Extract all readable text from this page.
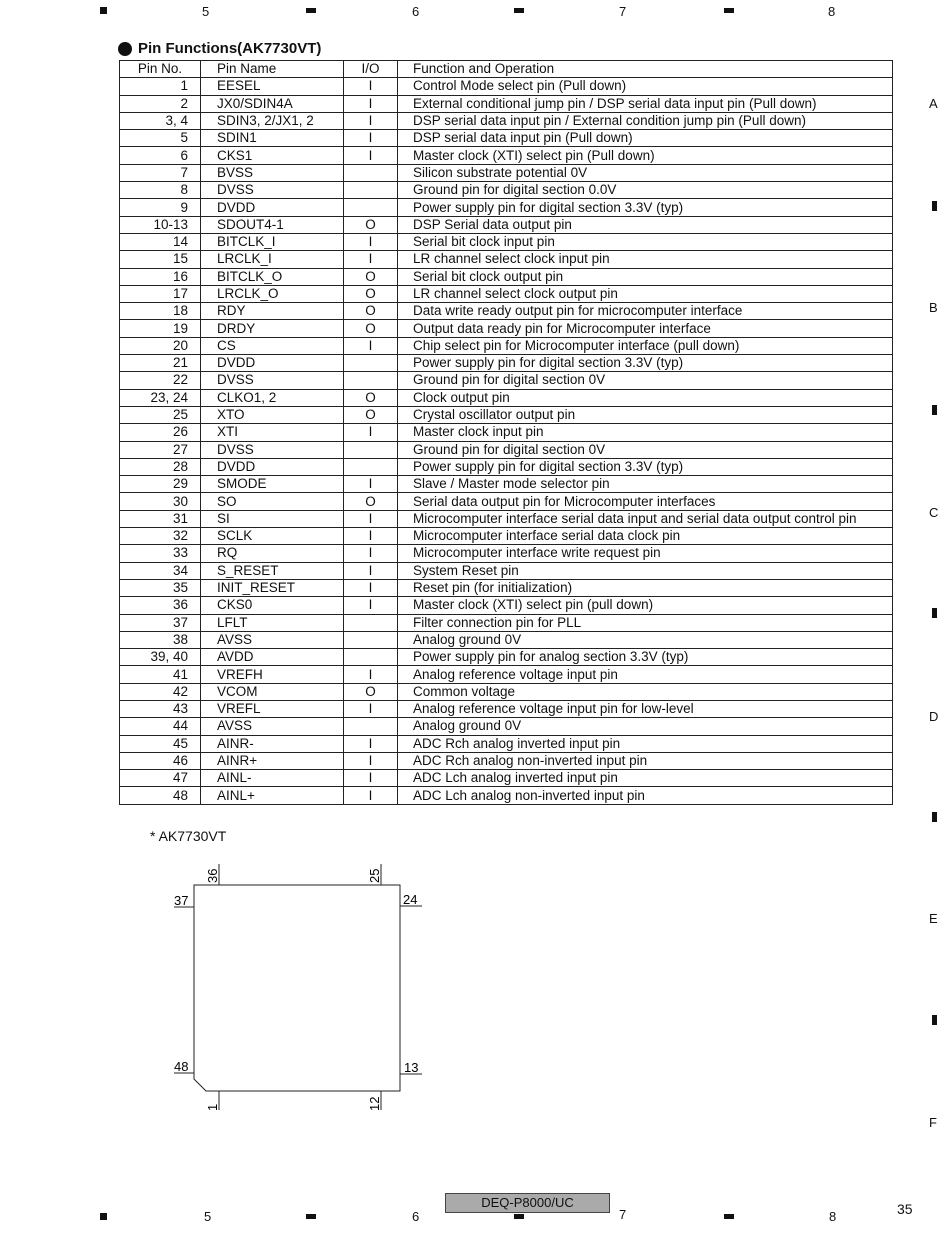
5	6	7	8
5	6	7	8
A
B
C
D
E
F
Pin Functions(AK7730VT)
Pin No.	Pin Name	I/O	Function and Operation
1	EESEL	I	Control Mode select pin (Pull down)
2	JX0/SDIN4A	I	External conditional jump pin / DSP serial data input pin (Pull down)
3, 4	SDIN3, 2/JX1, 2	I	DSP serial data input pin / External condition jump pin (Pull down)
5	SDIN1	I	DSP serial data input pin (Pull down)
6	CKS1	I	Master clock (XTI) select pin (Pull down)
7	BVSS		Silicon substrate potential 0V
8	DVSS		Ground pin for digital section 0.0V
9	DVDD		Power supply pin for digital section 3.3V (typ)
10-13	SDOUT4-1	O	DSP Serial data output pin
14	BITCLK_I	I	Serial bit clock input pin
15	LRCLK_I	I	LR channel select clock input pin
16	BITCLK_O	O	Serial bit clock output pin
17	LRCLK_O	O	LR channel select clock output pin
18	RDY	O	Data write ready output pin for microcomputer interface
19	DRDY	O	Output data ready pin for Microcomputer interface
20	$\overline{CS}$	I	Chip select pin for Microcomputer interface (pull down)
21	DVDD		Power supply pin for digital section 3.3V (typ)
22	DVSS		Ground pin for digital section 0V
23, 24	CLKO1, 2	O	Clock output pin
25	XTO	O	Crystal oscillator output pin
26	XTI	I	Master clock input pin
27	DVSS		Ground pin for digital section 0V
28	DVDD		Power supply pin for digital section 3.3V (typ)
29	SMODE	I	Slave / Master mode selector pin
30	SO	O	Serial data output pin for Microcomputer interfaces
31	SI	I	Microcomputer interface serial data input and serial data output control pin
32	SCLK	I	Microcomputer interface serial data clock pin
33	$\overline{RQ}$	I	Microcomputer interface write request pin
34	S_RESET	I	System Reset pin
35	INIT_RESET	I	Reset pin (for initialization)
36	CKS0	I	Master clock (XTI) select pin (pull down)
37	LFLT		Filter connection pin for PLL
38	AVSS		Analog ground 0V
39, 40	AVDD		Power supply pin for analog section 3.3V (typ)
41	VREFH	I	Analog reference voltage input pin
42	VCOM	O	Common voltage
43	VREFL	I	Analog reference voltage input pin for low-level
44	AVSS		Analog ground 0V
45	AINR-	I	ADC Rch analog inverted input pin
46	AINR+	I	ADC Rch analog non-inverted input pin
47	AINL-	I	ADC Lch analog inverted input pin
48	AINL+	I	ADC Lch analog non-inverted input pin
* AK7730VT
36	25
37	24
48	13
1	12
DEQ-P8000/UC	35
